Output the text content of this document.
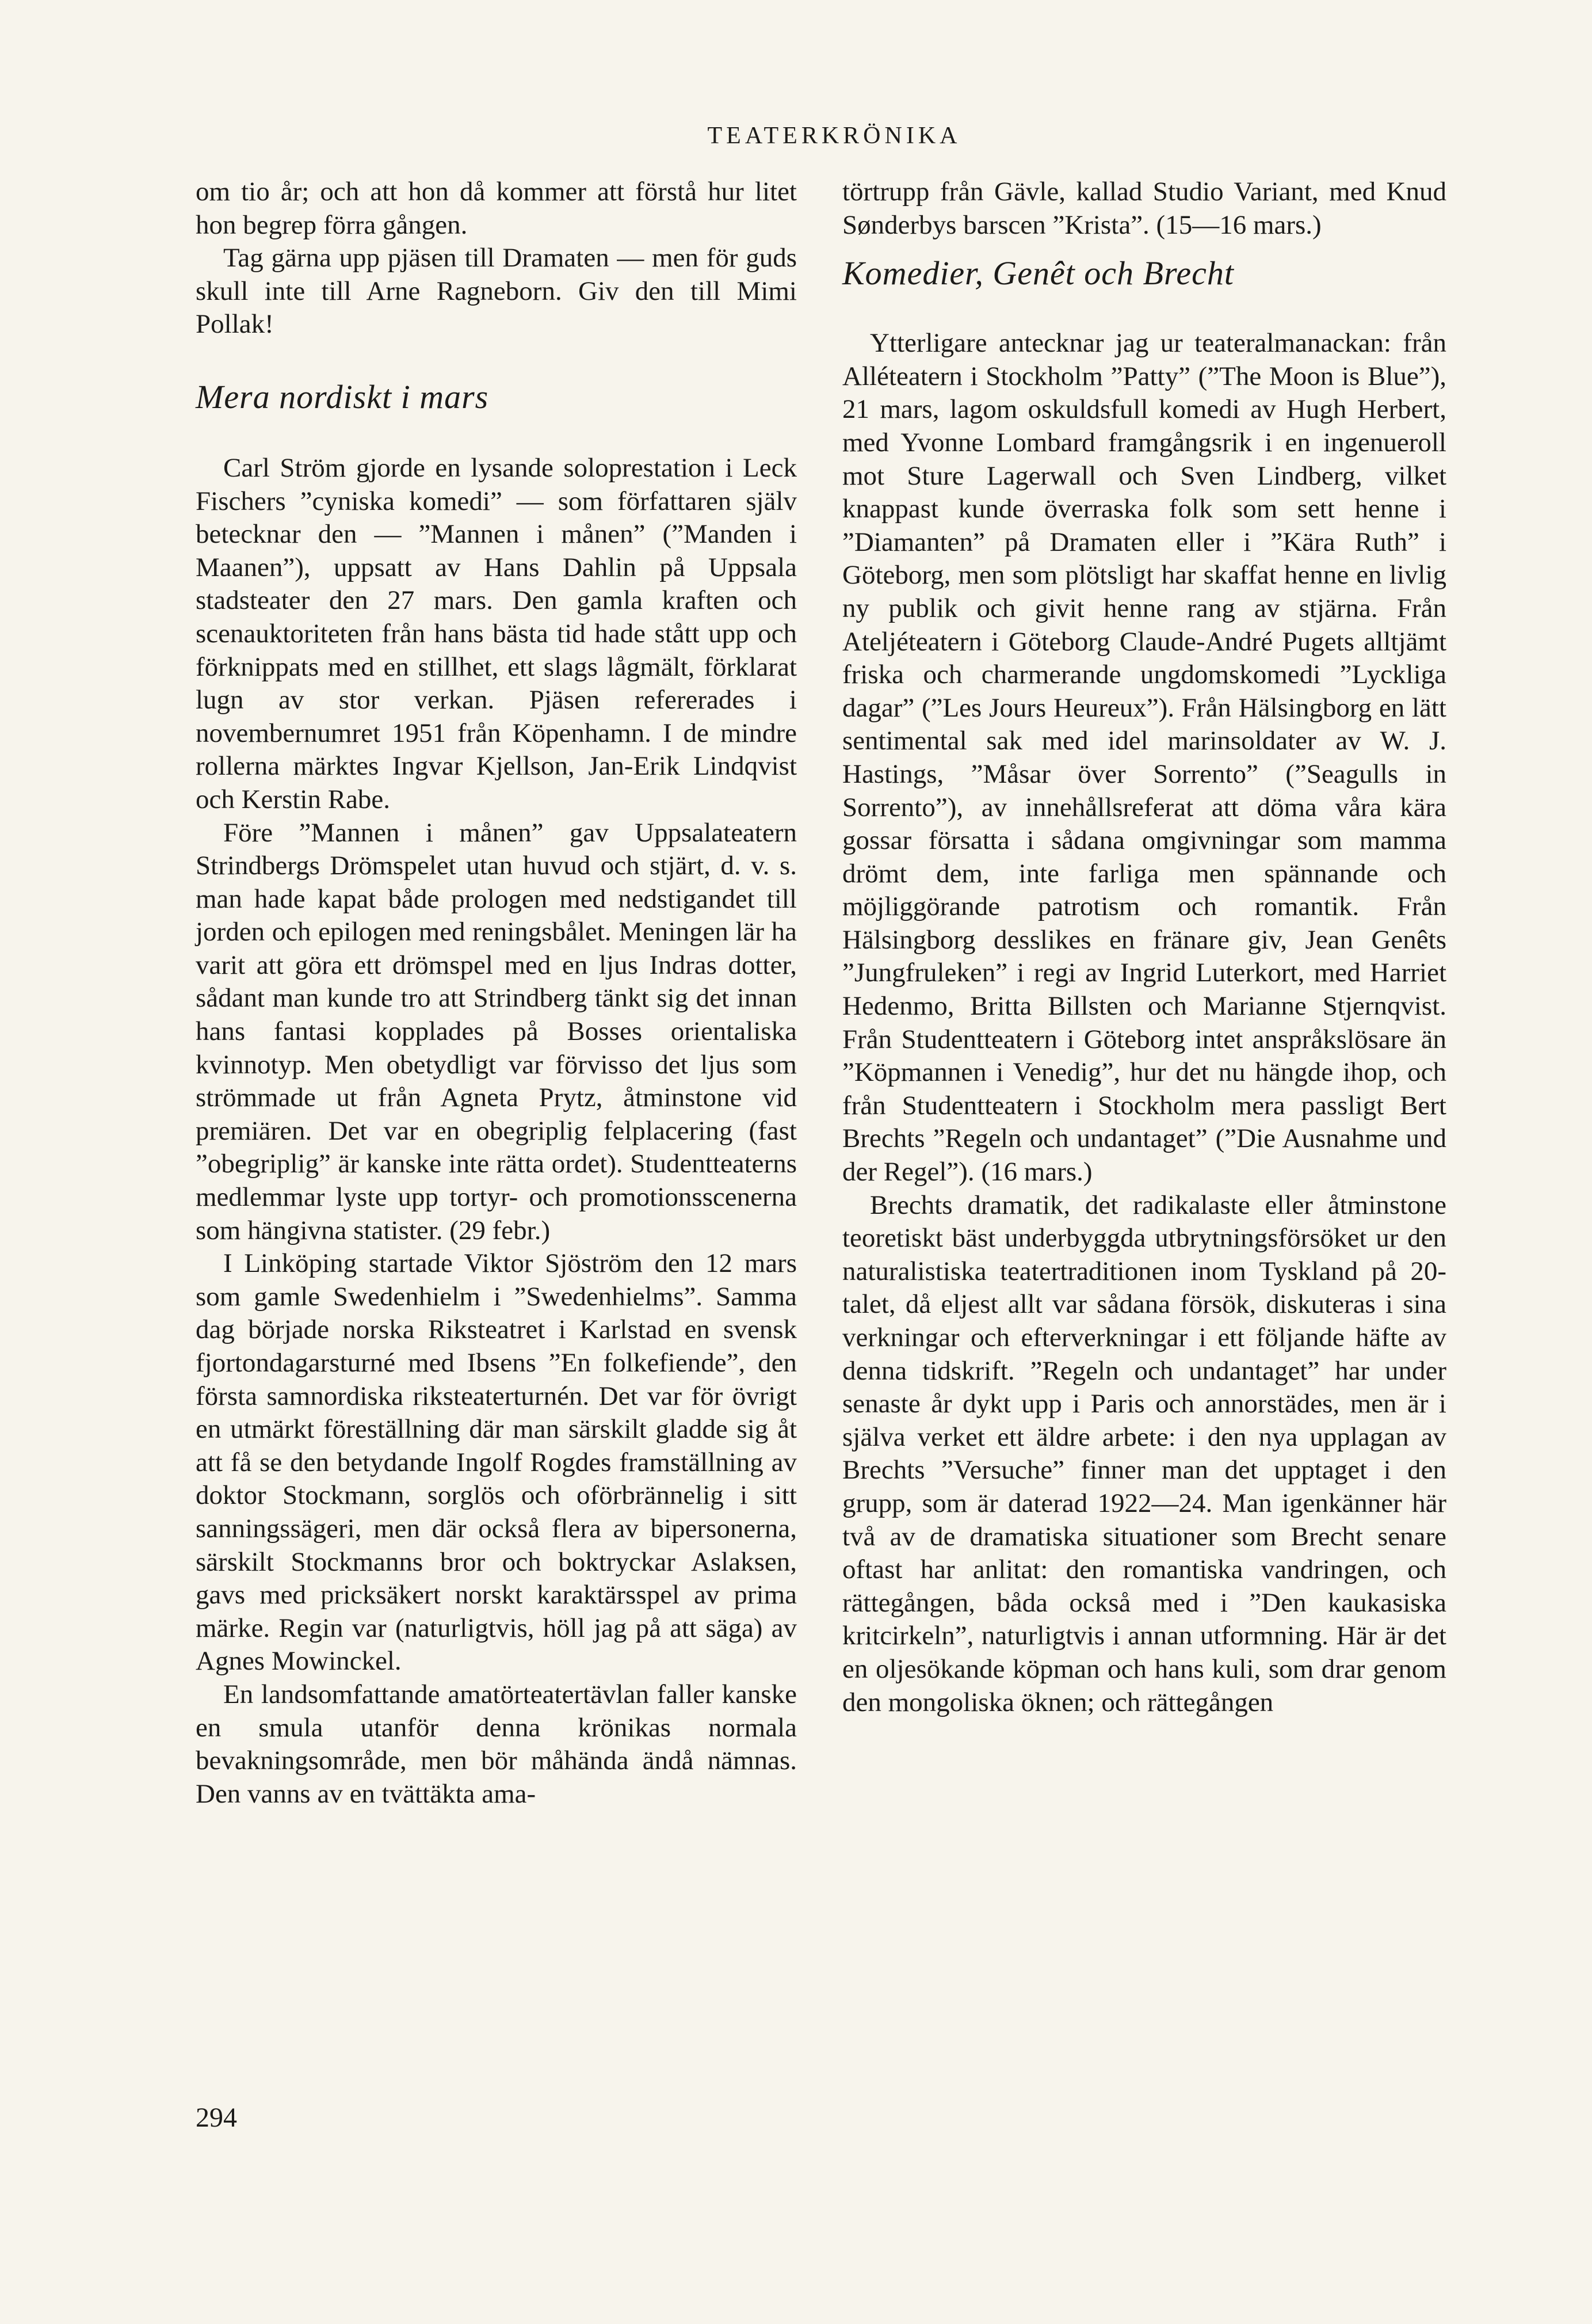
TEATERKRÖNIKA

om tio år; och att hon då kommer att förstå hur litet hon begrep förra gången.

Tag gärna upp pjäsen till Dramaten — men för guds skull inte till Arne Ragneborn. Giv den till Mimi Pollak!

Mera nordiskt i mars

Carl Ström gjorde en lysande soloprestation i Leck Fischers ”cyniska komedi” — som författaren själv betecknar den — ”Mannen i månen” (”Manden i Maanen”), uppsatt av Hans Dahlin på Uppsala stadsteater den 27 mars. Den gamla kraften och scenauktoriteten från hans bästa tid hade stått upp och förknippats med en stillhet, ett slags lågmält, förklarat lugn av stor verkan. Pjäsen refererades i novembernumret 1951 från Köpenhamn. I de mindre rollerna märktes Ingvar Kjellson, Jan-Erik Lindqvist och Kerstin Rabe.

Före ”Mannen i månen” gav Uppsalateatern Strindbergs Drömspelet utan huvud och stjärt, d. v. s. man hade kapat både prologen med nedstigandet till jorden och epilogen med reningsbålet. Meningen lär ha varit att göra ett drömspel med en ljus Indras dotter, sådant man kunde tro att Strindberg tänkt sig det innan hans fantasi kopplades på Bosses orientaliska kvinnotyp. Men obetydligt var förvisso det ljus som strömmade ut från Agneta Prytz, åtminstone vid premiären. Det var en obegriplig felplacering (fast ”obegriplig” är kanske inte rätta ordet). Studentteaterns medlemmar lyste upp tortyr- och promotionsscenerna som hängivna statister. (29 febr.)

I Linköping startade Viktor Sjöström den 12 mars som gamle Swedenhielm i ”Swedenhielms”. Samma dag började norska Riksteatret i Karlstad en svensk fjortondagarsturné med Ibsens ”En folkefiende”, den första samnordiska riksteaterturnén. Det var för övrigt en utmärkt föreställning där man särskilt gladde sig åt att få se den betydande Ingolf Rogdes framställning av doktor Stockmann, sorglös och oförbrännelig i sitt sanningssägeri, men där också flera av bipersonerna, särskilt Stockmanns bror och boktryckar Aslaksen, gavs med pricksäkert norskt karaktärsspel av prima märke. Regin var (naturligtvis, höll jag på att säga) av Agnes Mowinckel.

En landsomfattande amatörteatertävlan faller kanske en smula utanför denna krönikas normala bevakningsområde, men bör måhända ändå nämnas. Den vanns av en tvättäkta ama-

törtrupp från Gävle, kallad Studio Variant, med Knud Sønderbys barscen ”Krista”. (15—16 mars.)

Komedier, Genêt och Brecht

Ytterligare antecknar jag ur teateralmanackan: från Alléteatern i Stockholm ”Patty” (”The Moon is Blue”), 21 mars, lagom oskuldsfull komedi av Hugh Herbert, med Yvonne Lombard framgångsrik i en ingenueroll mot Sture Lagerwall och Sven Lindberg, vilket knappast kunde överraska folk som sett henne i ”Diamanten” på Dramaten eller i ”Kära Ruth” i Göteborg, men som plötsligt har skaffat henne en livlig ny publik och givit henne rang av stjärna. Från Ateljéteatern i Göteborg Claude-André Pugets alltjämt friska och charmerande ungdomskomedi ”Lyckliga dagar” (”Les Jours Heureux”). Från Hälsingborg en lätt sentimental sak med idel marinsoldater av W. J. Hastings, ”Måsar över Sorrento” (”Seagulls in Sorrento”), av innehållsreferat att döma våra kära gossar försatta i sådana omgivningar som mamma drömt dem, inte farliga men spännande och möjliggörande patrotism och romantik. Från Hälsingborg desslikes en fränare giv, Jean Genêts ”Jungfruleken” i regi av Ingrid Luterkort, med Harriet Hedenmo, Britta Billsten och Marianne Stjernqvist. Från Studentteatern i Göteborg intet anspråkslösare än ”Köpmannen i Venedig”, hur det nu hängde ihop, och från Studentteatern i Stockholm mera passligt Bert Brechts ”Regeln och undantaget” (”Die Ausnahme und der Regel”). (16 mars.)

Brechts dramatik, det radikalaste eller åtminstone teoretiskt bäst underbyggda utbrytningsförsöket ur den naturalistiska teatertraditionen inom Tyskland på 20-talet, då eljest allt var sådana försök, diskuteras i sina verkningar och efterverkningar i ett följande häfte av denna tidskrift. ”Regeln och undantaget” har under senaste år dykt upp i Paris och annorstädes, men är i själva verket ett äldre arbete: i den nya upplagan av Brechts ”Versuche” finner man det upptaget i den grupp, som är daterad 1922—24. Man igenkänner här två av de dramatiska situationer som Brecht senare oftast har anlitat: den romantiska vandringen, och rättegången, båda också med i ”Den kaukasiska kritcirkeln”, naturligtvis i annan utformning. Här är det en oljesökande köpman och hans kuli, som drar genom den mongoliska öknen; och rättegången

294
